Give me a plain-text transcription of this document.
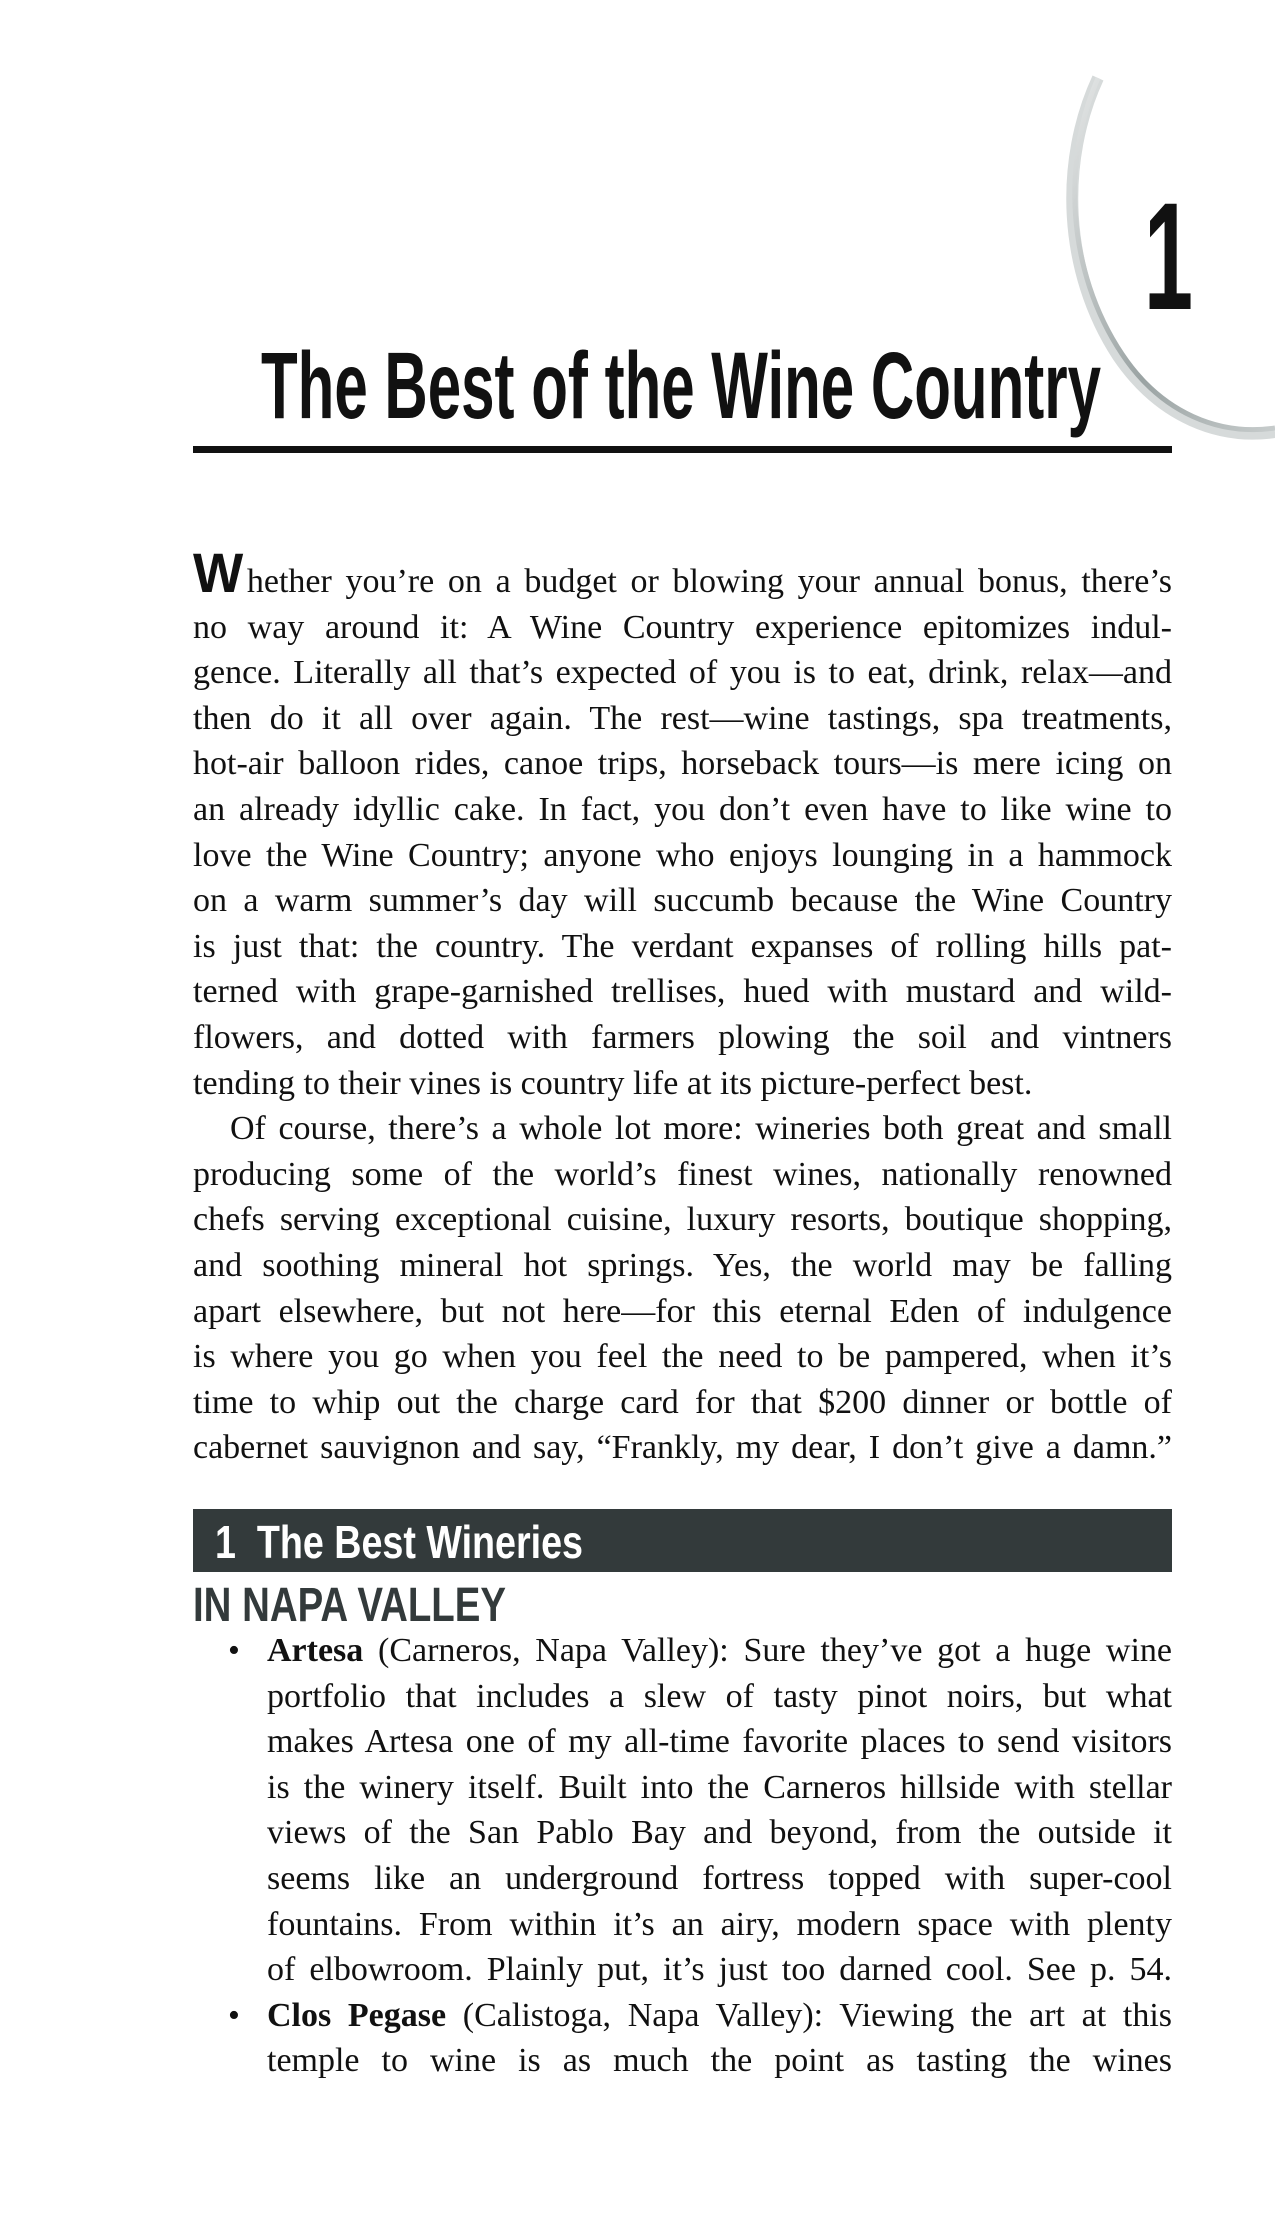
1
The Best of the Wine Country
Whether you’re on a budget or blowing your annual bonus, there’s
no way around it: A Wine Country experience epitomizes indul-
gence. Literally all that’s expected of you is to eat, drink, relax—and
then do it all over again. The rest—wine tastings, spa treatments,
hot-air balloon rides, canoe trips, horseback tours—is mere icing on
an already idyllic cake. In fact, you don’t even have to like wine to
love the Wine Country; anyone who enjoys lounging in a hammock
on a warm summer’s day will succumb because the Wine Country
is just that: the country. The verdant expanses of rolling hills pat-
terned with grape-garnished trellises, hued with mustard and wild-
flowers, and dotted with farmers plowing the soil and vintners
tending to their vines is country life at its picture-perfect best.
Of course, there’s a whole lot more: wineries both great and small
producing some of the world’s finest wines, nationally renowned
chefs serving exceptional cuisine, luxury resorts, boutique shopping,
and soothing mineral hot springs. Yes, the world may be falling
apart elsewhere, but not here—for this eternal Eden of indulgence
is where you go when you feel the need to be pampered, when it’s
time to whip out the charge card for that $200 dinner or bottle of
cabernet sauvignon and say, “Frankly, my dear, I don’t give a damn.”
1  The Best Wineries
IN NAPA VALLEY
• Artesa (Carneros, Napa Valley): Sure they’ve got a huge wine
portfolio that includes a slew of tasty pinot noirs, but what
makes Artesa one of my all-time favorite places to send visitors
is the winery itself. Built into the Carneros hillside with stellar
views of the San Pablo Bay and beyond, from the outside it
seems like an underground fortress topped with super-cool
fountains. From within it’s an airy, modern space with plenty
of elbowroom. Plainly put, it’s just too darned cool. See p. 54.
• Clos Pegase (Calistoga, Napa Valley): Viewing the art at this
temple to wine is as much the point as tasting the wines
